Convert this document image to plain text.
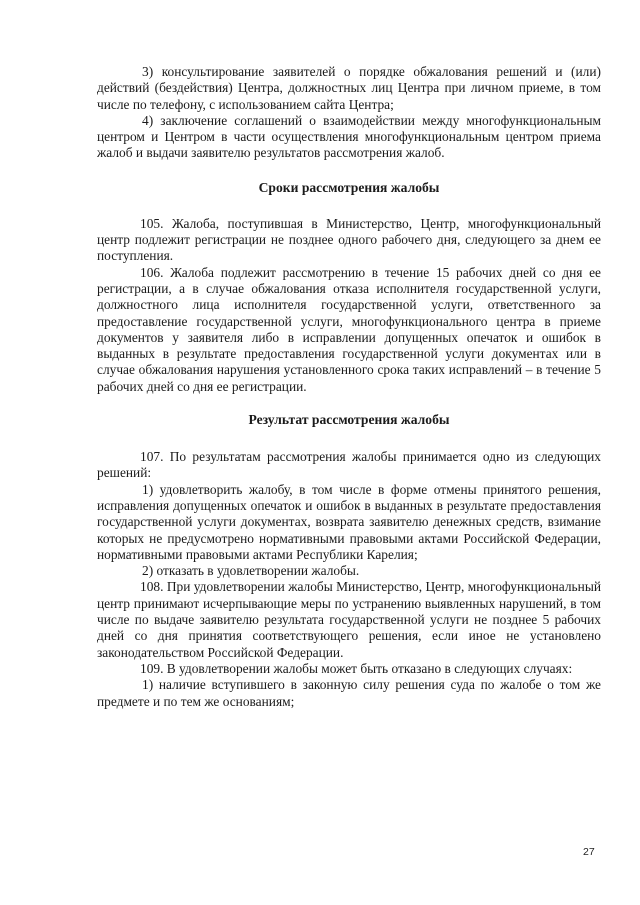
3) консультирование заявителей о порядке обжалования решений и (или) действий (бездействия) Центра, должностных лиц Центра при личном приеме, в том числе по телефону, с использованием сайта Центра;

4) заключение соглашений о взаимодействии между многофункциональным центром и Центром в части осуществления многофункциональным центром приема жалоб и выдачи заявителю результатов рассмотрения жалоб.

Сроки рассмотрения жалобы

105. Жалоба, поступившая в Министерство, Центр, многофункциональный центр подлежит регистрации не позднее одного рабочего дня, следующего за днем ее поступления.

106. Жалоба подлежит рассмотрению в течение 15 рабочих дней со дня ее регистрации, а в случае обжалования отказа исполнителя государственной услуги, должностного лица исполнителя государственной услуги, ответственного за предоставление государственной услуги, многофункционального центра в приеме документов у заявителя либо в исправлении допущенных опечаток и ошибок в выданных в результате предоставления государственной услуги документах или в случае обжалования нарушения установленного срока таких исправлений – в течение 5 рабочих дней со дня ее регистрации.

Результат рассмотрения жалобы

107. По результатам рассмотрения жалобы принимается одно из следующих решений:

1) удовлетворить жалобу, в том числе в форме отмены принятого решения, исправления допущенных опечаток и ошибок в выданных в результате предоставления государственной услуги документах, возврата заявителю денежных средств, взимание которых не предусмотрено нормативными правовыми актами Российской Федерации, нормативными правовыми актами Республики Карелия;

2) отказать в удовлетворении жалобы.

108. При удовлетворении жалобы Министерство, Центр, многофункциональный центр принимают исчерпывающие меры по устранению выявленных нарушений, в том числе по выдаче заявителю результата государственной услуги не позднее 5 рабочих дней со дня принятия соответствующего решения, если иное не установлено законодательством Российской Федерации.

109. В удовлетворении жалобы может быть отказано в следующих случаях:

1) наличие вступившего в законную силу решения суда по жалобе о том же предмете и по тем же основаниям;

27
